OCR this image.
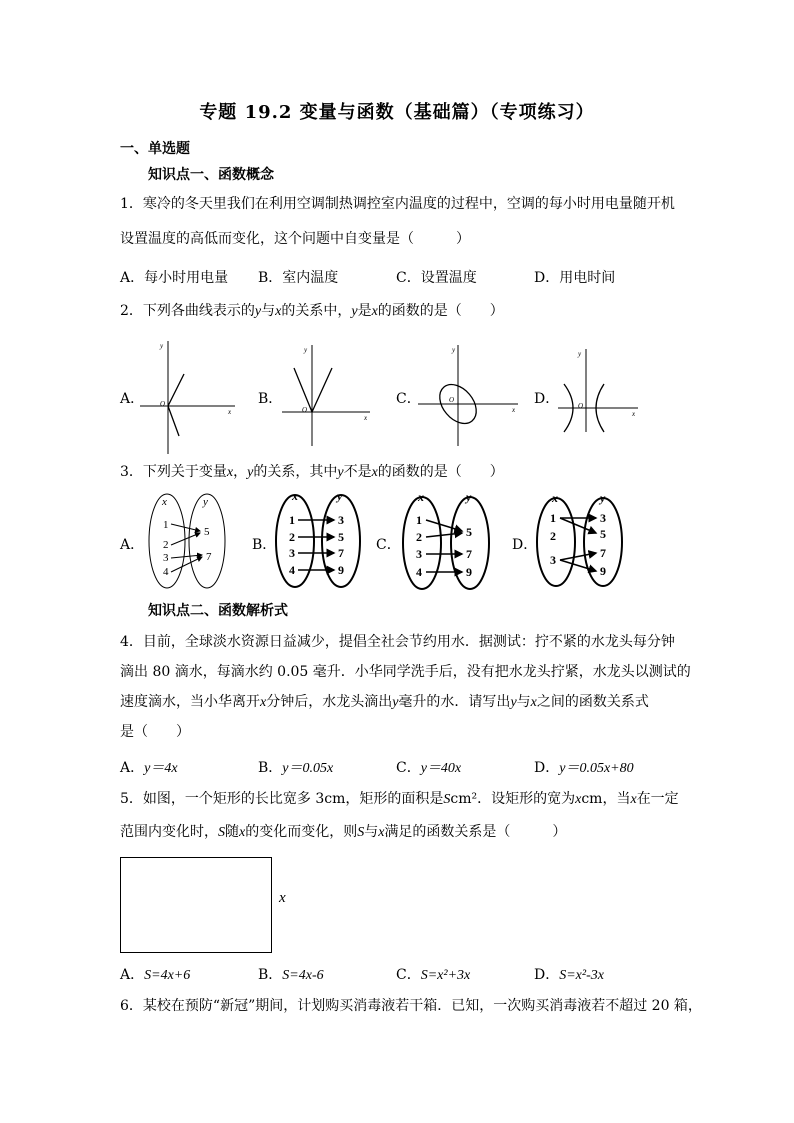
专题 19.2 变量与函数（基础篇）（专项练习）
一、单选题
知识点一、函数概念
1．寒冷的冬天里我们在利用空调制热调控室内温度的过程中，空调的每小时用电量随开机
设置温度的高低而变化，这个问题中自变量是（　　　）
A．每小时用电量 B．室内温度	C．设置温度	D．用电时间
2．下列各曲线表示的y与x的关系中，y是x的函数的是（　　）
A．	B．	C．	D．
O
x
y
O
x
y
O
x
y
O
x
y
3．下列关于变量x，y的关系，其中y不是x的函数的是（　　）
A．	B．	C．	D．
x	y
1
2
3
4
5
7
x	y
1
2
3
4
3
5
7
9
x	y
1
2
3
4
5
7
9
x	y
1
2
3
3
5
7
9
知识点二、函数解析式
4．目前，全球淡水资源日益减少，提倡全社会节约用水．据测试：拧不紧的水龙头每分钟
滴出 80 滴水，每滴水约 0.05 毫升．小华同学洗手后，没有把水龙头拧紧，水龙头以测试的
速度滴水，当小华离开x分钟后，水龙头滴出y毫升的水．请写出y与x之间的函数关系式
是（　　）
A．y＝4x	B．y＝0.05x	C．y＝40x	D．y＝0.05x+80
5．如图，一个矩形的长比宽多 3cm，矩形的面积是Scm²．设矩形的宽为xcm，当x在一定
范围内变化时，S随x的变化而变化，则S与x满足的函数关系是（　　　）
x
A．S=4x+6	B．S=4x-6	C．S=x²+3x	D．S=x²-3x
6．某校在预防“新冠”期间，计划购买消毒液若干箱．已知，一次购买消毒液若不超过 20 箱，
